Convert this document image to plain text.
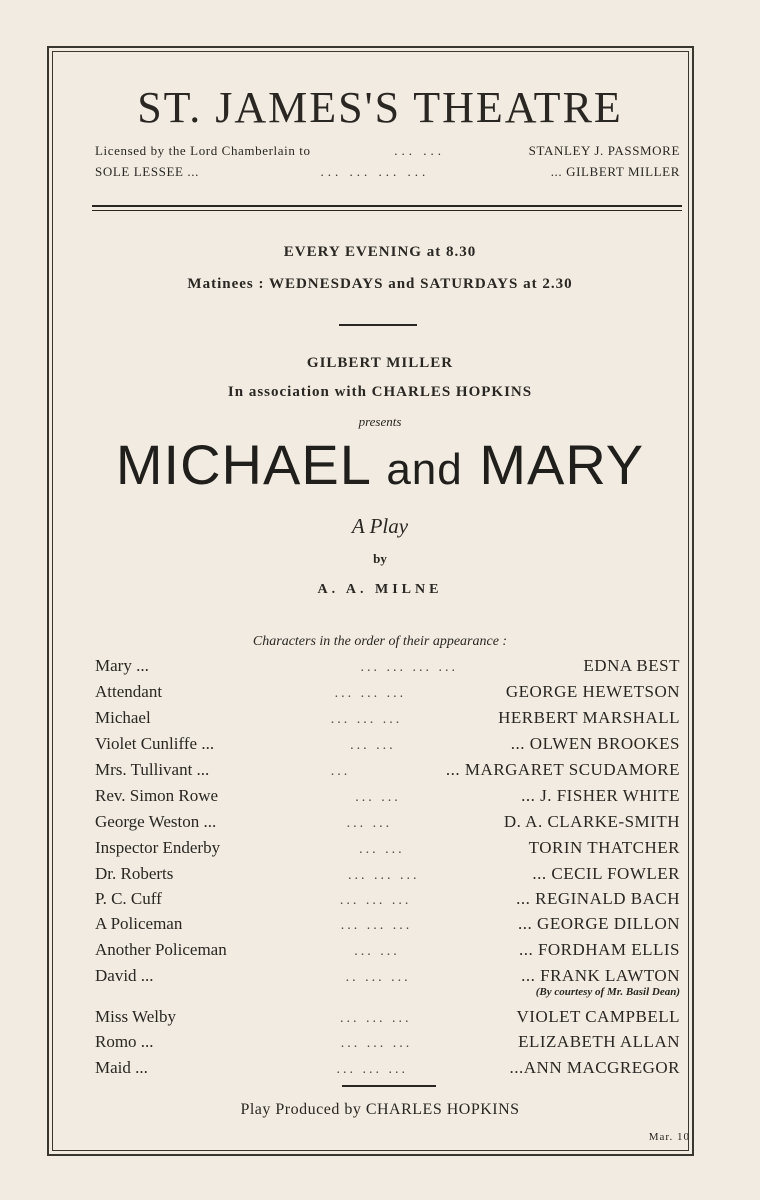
ST. JAMES'S THEATRE
Licensed by the Lord Chamberlain to	... ...	STANLEY J. PASSMORE
SOLE LESSEE ...	... ... ... ...	... GILBERT MILLER
EVERY EVENING at 8.30
Matinees : WEDNESDAYS and SATURDAYS at 2.30
GILBERT MILLER
In association with CHARLES HOPKINS
presents
MICHAEL and MARY
A Play
by
A. A. MILNE
Characters in the order of their appearance :
Mary ...	... ... ... ...	EDNA BEST
Attendant	... ... ...	GEORGE HEWETSON
Michael	... ... ...	HERBERT MARSHALL
Violet Cunliffe ...	... ...	... OLWEN BROOKES
Mrs. Tullivant ...	...	... MARGARET SCUDAMORE
Rev. Simon Rowe	... ...	... J. FISHER WHITE
George Weston ...	... ...	D. A. CLARKE-SMITH
Inspector Enderby	... ...	TORIN THATCHER
Dr. Roberts	... ... ...	... CECIL FOWLER
P. C. Cuff	... ... ...	... REGINALD BACH
A Policeman	... ... ...	... GEORGE DILLON
Another Policeman	... ...	... FORDHAM ELLIS
David ...	.. ... ...	... FRANK LAWTON
Miss Welby	... ... ...	VIOLET CAMPBELL
Romo ...	... ... ...	ELIZABETH ALLAN
Maid ...	... ... ...	...ANN MACGREGOR
(By courtesy of Mr. Basil Dean)
Play Produced by CHARLES HOPKINS
Mar. 10
